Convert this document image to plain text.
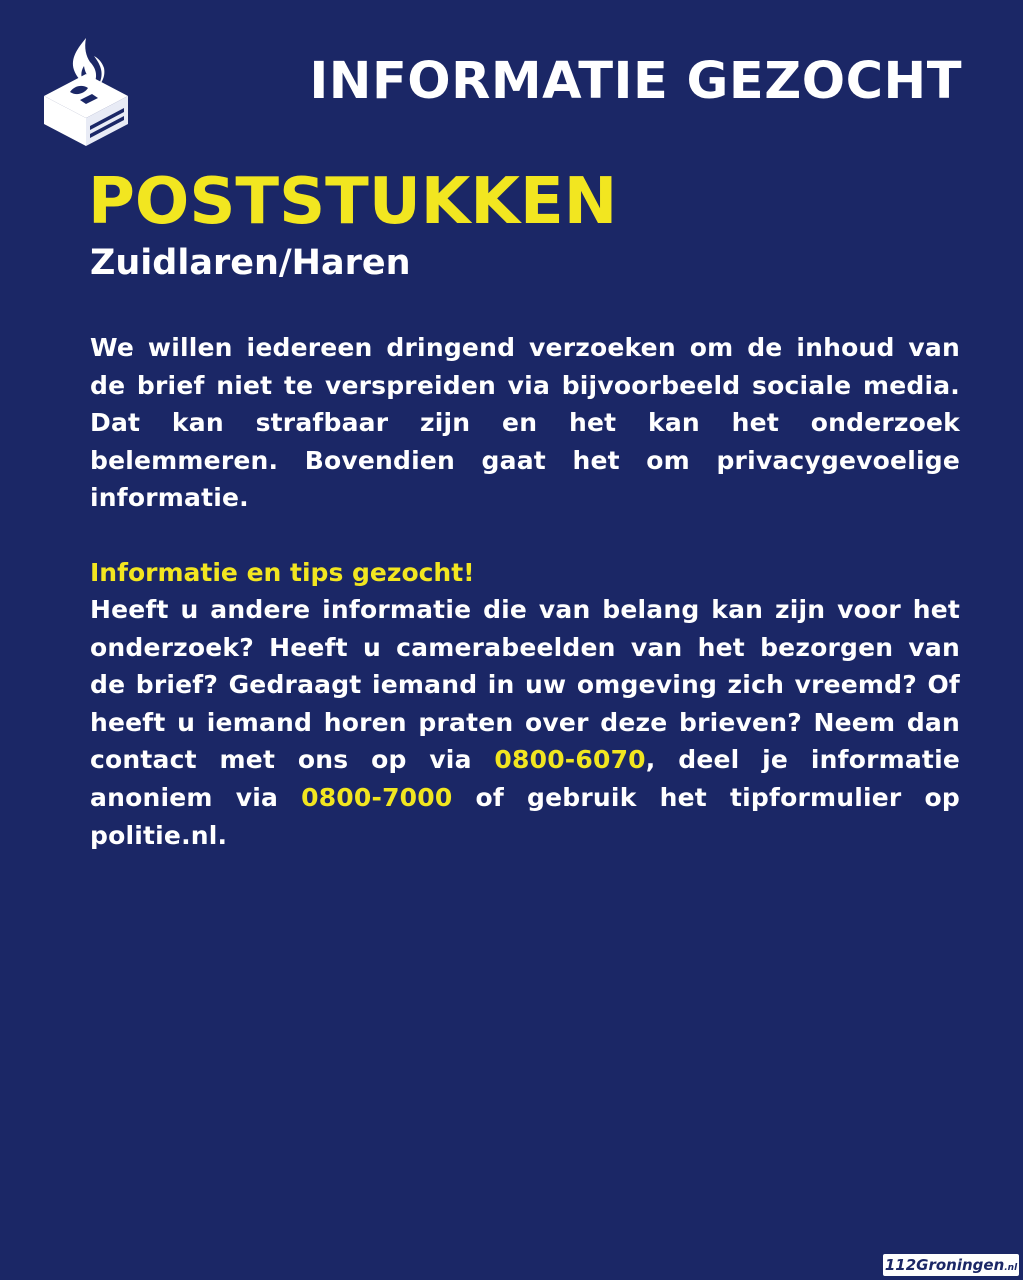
INFORMATIE GEZOCHT
POSTSTUKKEN
Zuidlaren/Haren

We willen iedereen dringend verzoeken om de inhoud van de brief niet te verspreiden via bijvoorbeeld sociale media. Dat kan strafbaar zijn en het kan het onderzoek belemmeren. Bovendien gaat het om privacygevoelige informatie.

Informatie en tips gezocht!

Heeft u andere informatie die van belang kan zijn voor het onderzoek? Heeft u camerabeelden van het bezorgen van de brief? Gedraagt iemand in uw omgeving zich vreemd? Of heeft u iemand horen praten over deze brieven? Neem dan contact met ons op via 0800-6070, deel je informatie anoniem via 0800-7000 of gebruik het tipformulier op politie.nl.

112Groningen.nl
